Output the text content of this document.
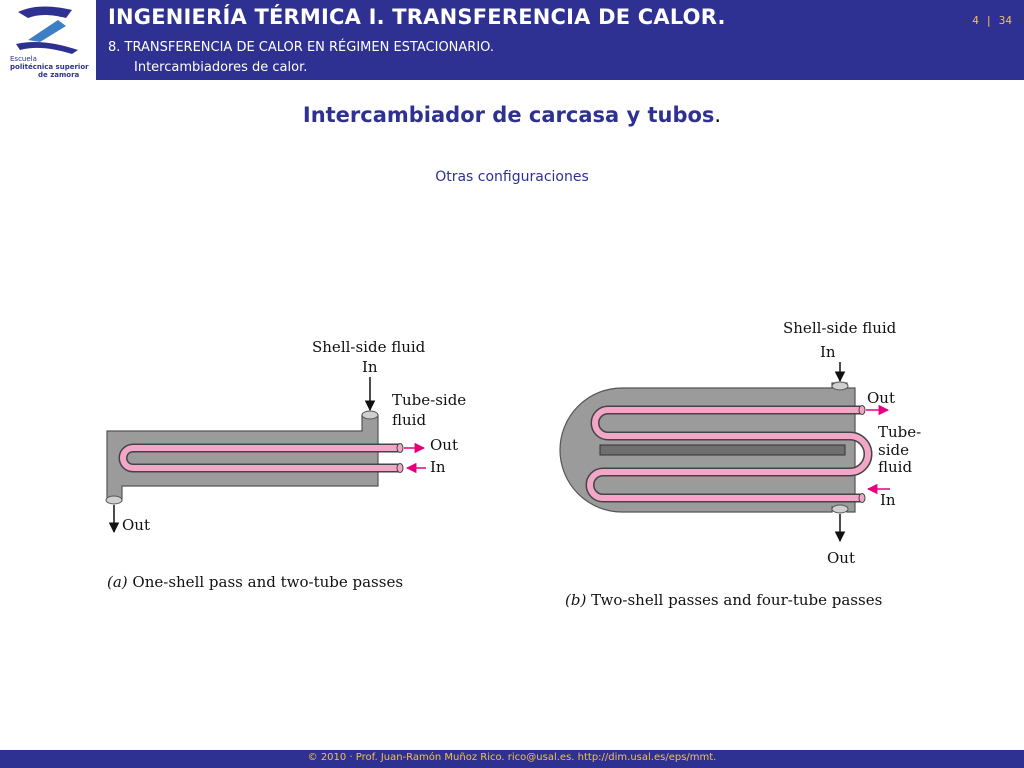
Escuela
politécnica superior
de zamora
INGENIERÍA TÉRMICA I. TRANSFERENCIA DE CALOR.
8. TRANSFERENCIA DE CALOR EN RÉGIMEN ESTACIONARIO.
Intercambiadores de calor.
4 | 34
Intercambiador de carcasa y tubos.
Otras configuraciones
Shell-side fluid
In
Tube-side
fluid
Out
In
Out
(a) One-shell pass and two-tube passes
Shell-side fluid
In
Out
Tube-
side
fluid
In
Out
(b) Two-shell passes and four-tube passes
© 2010 · Prof. Juan-Ramón Muñoz Rico. rico@usal.es. http://dim.usal.es/eps/mmt.
